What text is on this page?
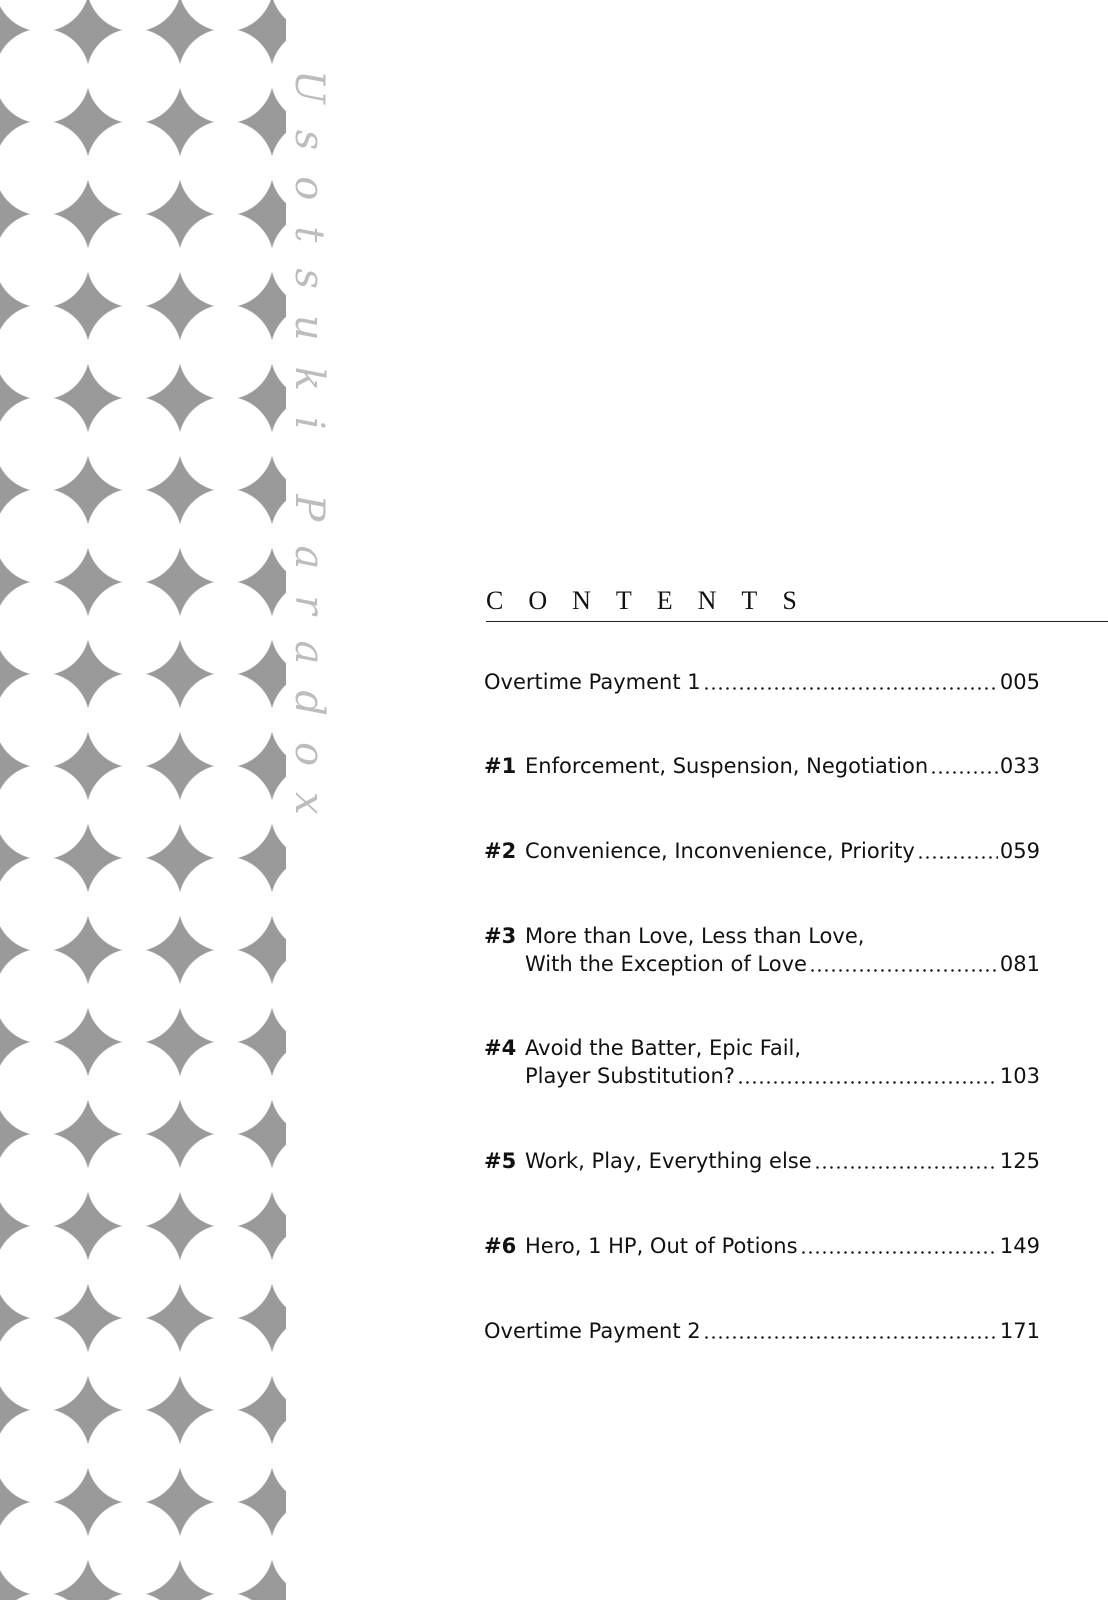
Usotsuki Paradox	CONTENTS
Overtime Payment 1	005
#1 Enforcement, Suspension, Negotiation	033
#2 Convenience, Inconvenience, Priority	059
#3 More than Love, Less than Love,
With the Exception of Love	081
#4 Avoid the Batter, Epic Fail,
Player Substitution?	103
#5 Work, Play, Everything else	125
#6 Hero, 1 HP, Out of Potions	149
Overtime Payment 2	171
